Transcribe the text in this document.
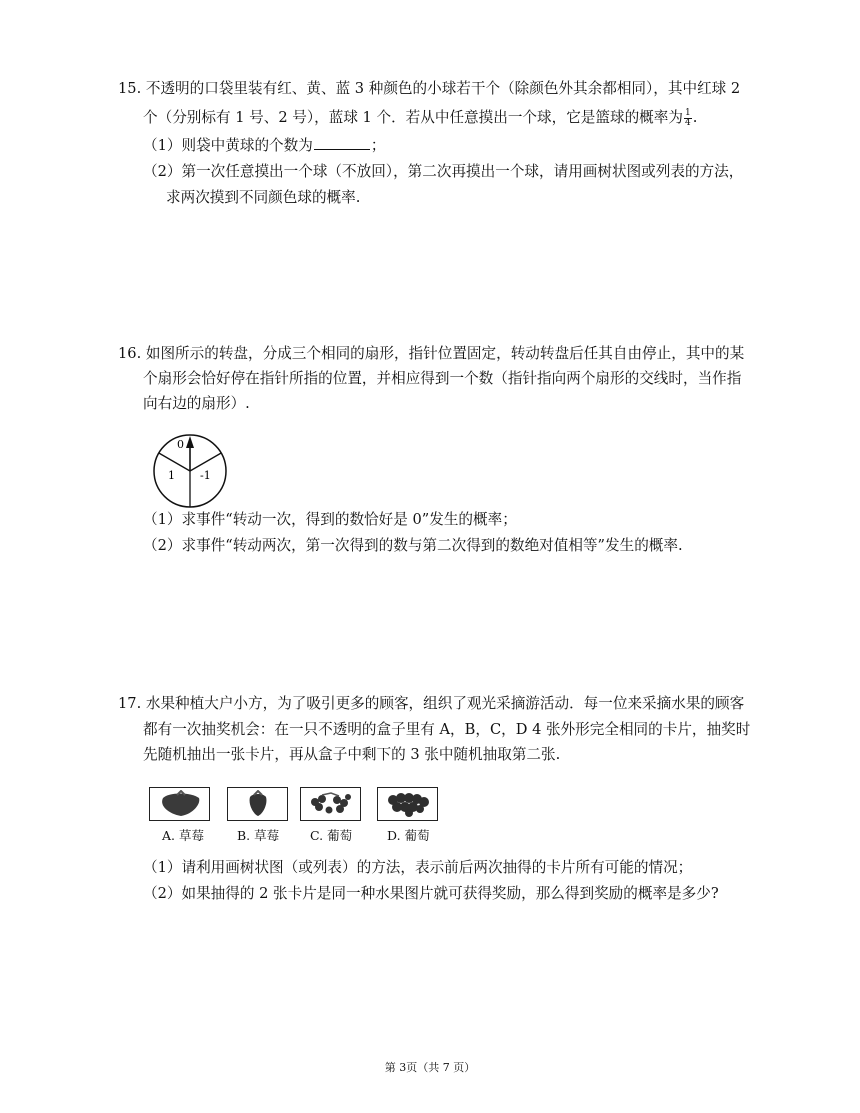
15. 不透明的口袋里装有红、黄、蓝 3 种颜色的小球若干个（除颜色外其余都相同），其中红球 2
个（分别标有 1 号、2 号），蓝球 1 个．若从中任意摸出一个球，它是篮球的概率为 $\frac{1}{4}$ .
（1）则袋中黄球的个数为	；
（2）第一次任意摸出一个球（不放回），第二次再摸出一个球，请用画树状图或列表的方法，
求两次摸到不同颜色球的概率.
16. 如图所示的转盘，分成三个相同的扇形，指针位置固定，转动转盘后任其自由停止，其中的某
个扇形会恰好停在指针所指的位置，并相应得到一个数（指针指向两个扇形的交线时，当作指
向右边的扇形）.
0
1 -1
（1）求事件“转动一次，得到的数恰好是 0”发生的概率；
（2）求事件“转动两次，第一次得到的数与第二次得到的数绝对值相等”发生的概率.
17. 水果种植大户小方，为了吸引更多的顾客，组织了观光采摘游活动．每一位来采摘水果的顾客
都有一次抽奖机会：在一只不透明的盒子里有 A，B，C，D 4 张外形完全相同的卡片，抽奖时
先随机抽出一张卡片，再从盒子中剩下的 3 张中随机抽取第二张.
A. 草莓	B. 草莓 C. 葡萄	D. 葡萄
（1）请利用画树状图（或列表）的方法，表示前后两次抽得的卡片所有可能的情况；
（2）如果抽得的 2 张卡片是同一种水果图片就可获得奖励，那么得到奖励的概率是多少?
第 3页（共 7 页）
